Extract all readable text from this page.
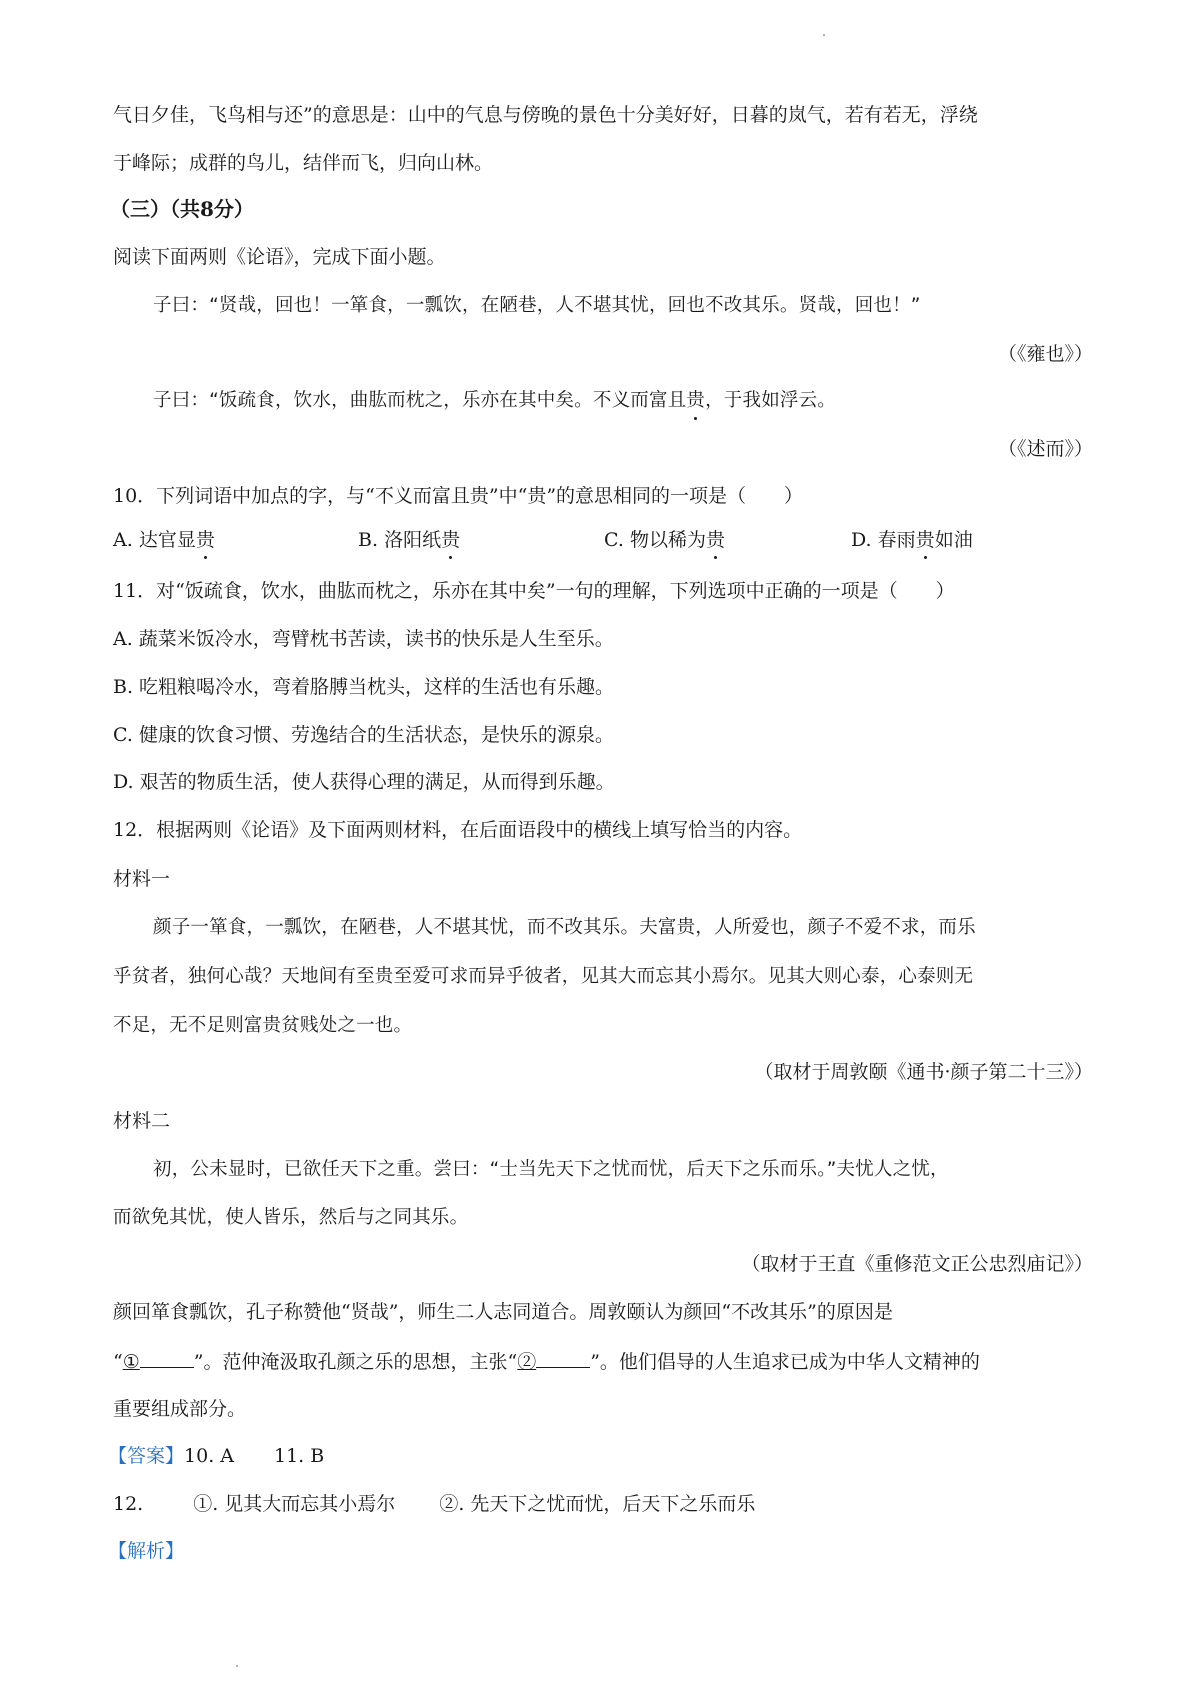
气日夕佳，飞鸟相与还”的意思是：山中的气息与傍晚的景色十分美好好，日暮的岚气，若有若无，浮绕
于峰际；成群的鸟儿，结伴而飞，归向山林。
（三）（共8分）
阅读下面两则《论语》，完成下面小题。
子曰：“贤哉，回也！一箪食，一瓢饮，在陋巷，人不堪其忧，回也不改其乐。贤哉，回也！”
（《雍也》）
子曰：“饭疏食，饮水，曲肱而枕之，乐亦在其中矣。不义而富且贵，于我如浮云。
（《述而》）
10．下列词语中加点的字，与“不义而富且贵”中“贵”的意思相同的一项是（　　）
A. 达官显贵	B. 洛阳纸贵	C. 物以稀为贵	D. 春雨贵如油
11．对“饭疏食，饮水，曲肱而枕之，乐亦在其中矣”一句的理解，下列选项中正确的一项是（　　）
A. 蔬菜米饭冷水，弯臂枕书苦读，读书的快乐是人生至乐。
B. 吃粗粮喝冷水，弯着胳膊当枕头，这样的生活也有乐趣。
C. 健康的饮食习惯、劳逸结合的生活状态，是快乐的源泉。
D. 艰苦的物质生活，使人获得心理的满足，从而得到乐趣。
12．根据两则《论语》及下面两则材料，在后面语段中的横线上填写恰当的内容。
材料一
颜子一箪食，一瓢饮，在陋巷，人不堪其忧，而不改其乐。夫富贵，人所爱也，颜子不爱不求，而乐
乎贫者，独何心哉？天地间有至贵至爱可求而异乎彼者，见其大而忘其小焉尔。见其大则心泰，心泰则无
不足，无不足则富贵贫贱处之一也。
（取材于周敦颐《通书·颜子第二十三》）
材料二
初，公未显时，已欲任天下之重。尝曰：“士当先天下之忧而忧，后天下之乐而乐。”夫忧人之忧，
而欲免其忧，使人皆乐，然后与之同其乐。
（取材于王直《重修范文正公忠烈庙记》）
颜回箪食瓢饮，孔子称赞他“贤哉”，师生二人志同道合。周敦颐认为颜回“不改其乐”的原因是
“①	”。范仲淹汲取孔颜之乐的思想，主张“②	”。他们倡导的人生追求已成为中华人文精神的
重要组成部分。
【答案】10. A 11. B
12.	①. 见其大而忘其小焉尔 ②. 先天下之忧而忧，后天下之乐而乐
【解析】
